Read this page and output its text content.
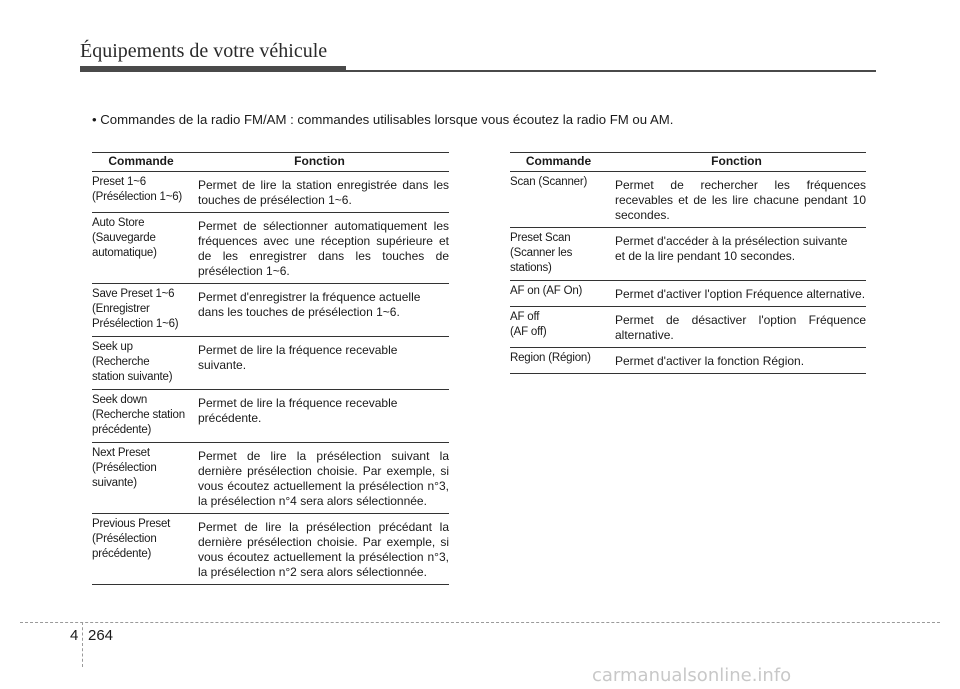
Équipements de votre véhicule
• Commandes de la radio FM/AM : commandes utilisables lorsque vous écoutez la radio FM ou AM.
Commande	Fonction
Preset 1~6
(Présélection 1~6)	Permet de lire la station enregistrée dans les touches de présélection 1~6.
Auto Store
(Sauvegarde
automatique)	Permet de sélectionner automatiquement les fréquences avec une réception supérieure et de les enregistrer dans les touches de présélection 1~6.
Save Preset 1~6
(Enregistrer
Présélection 1~6)	Permet d'enregistrer la fréquence actuelle
dans les touches de présélection 1~6.
Seek up
(Recherche
station suivante)	Permet de lire la fréquence recevable
suivante.
Seek down
(Recherche station
précédente)	Permet de lire la fréquence recevable
précédente.
Next Preset
(Présélection
suivante)	Permet de lire la présélection suivant la dernière présélection choisie. Par exemple, si vous écoutez actuellement la présélection n°3, la présélection n°4 sera alors sélectionnée.
Previous Preset
(Présélection
précédente)	Permet de lire la présélection précédant la dernière présélection choisie. Par exemple, si vous écoutez actuellement la présélection n°3, la présélection n°2 sera alors sélectionnée.
Commande	Fonction
Scan (Scanner)	Permet de rechercher les fréquences recevables et de les lire chacune pendant 10 secondes.
Preset Scan
(Scanner les
stations)	Permet d'accéder à la présélection suivante
et de la lire pendant 10 secondes.
AF on (AF On)	Permet d'activer l'option Fréquence alternative.
AF off
(AF off)	Permet de désactiver l'option Fréquence alternative.
Region (Région)	Permet d'activer la fonction Région.
4 264
carmanualsonline.info
